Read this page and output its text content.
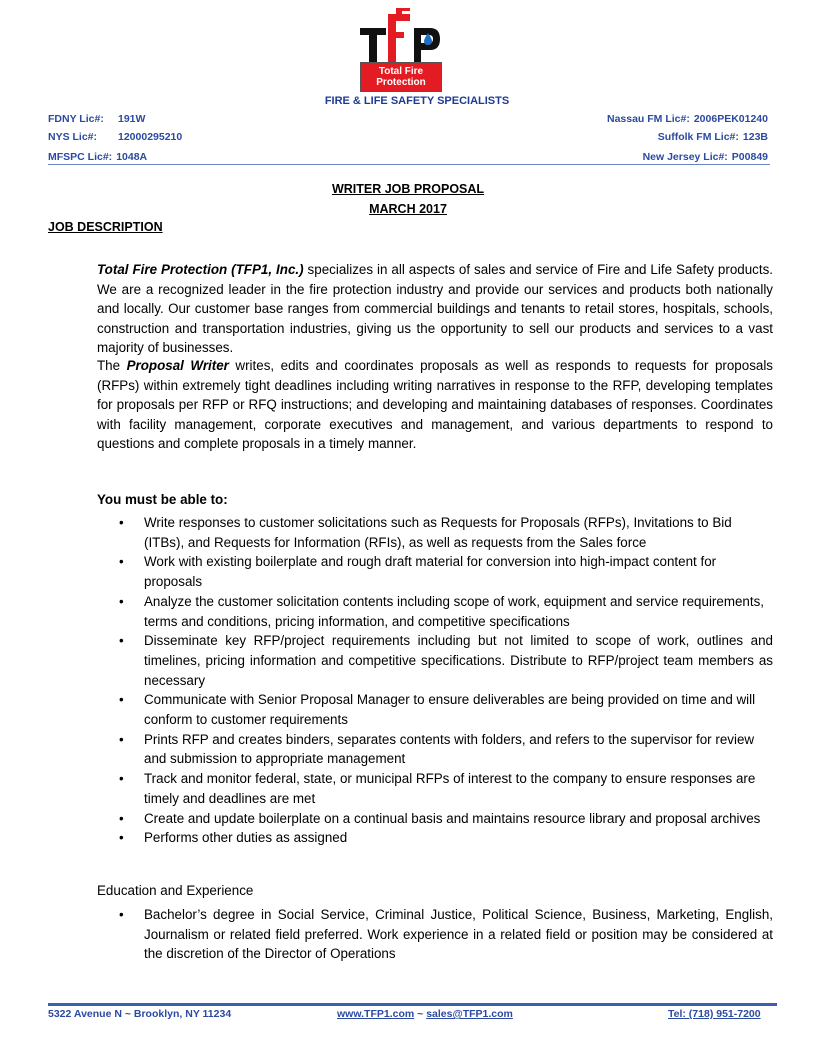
Total Fire
Protection
FIRE & LIFE SAFETY SPECIALISTS
FDNY Lic#: 191W
NYS Lic#: 12000295210
MFSPC Lic#: 1048A
Nassau FM Lic#: 2006PEK01240
Suffolk FM Lic#: 123B
New Jersey Lic#: P00849
WRITER JOB PROPOSAL
MARCH 2017
JOB DESCRIPTION
Total Fire Protection (TFP1, Inc.) specializes in all aspects of sales and service of Fire and Life Safety products. We are a recognized leader in the fire protection industry and provide our services and products both nationally and locally. Our customer base ranges from commercial buildings and tenants to retail stores, hospitals, schools, construction and transportation industries, giving us the opportunity to sell our products and services to a vast majority of businesses.
The Proposal Writer writes, edits and coordinates proposals as well as responds to requests for proposals (RFPs) within extremely tight deadlines including writing narratives in response to the RFP, developing templates for proposals per RFP or RFQ instructions; and developing and maintaining databases of responses. Coordinates with facility management, corporate executives and management, and various departments to respond to questions and complete proposals in a timely manner.
You must be able to:
• Write responses to customer solicitations such as Requests for Proposals (RFPs), Invitations to Bid (ITBs), and Requests for Information (RFIs), as well as requests from the Sales force
• Work with existing boilerplate and rough draft material for conversion into high-impact content for proposals
• Analyze the customer solicitation contents including scope of work, equipment and service requirements, terms and conditions, pricing information, and competitive specifications
• Disseminate key RFP/project requirements including but not limited to scope of work, outlines and timelines, pricing information and competitive specifications. Distribute to RFP/project team members as necessary
• Communicate with Senior Proposal Manager to ensure deliverables are being provided on time and will conform to customer requirements
• Prints RFP and creates binders, separates contents with folders, and refers to the supervisor for review and submission to appropriate management
• Track and monitor federal, state, or municipal RFPs of interest to the company to ensure responses are timely and deadlines are met
• Create and update boilerplate on a continual basis and maintains resource library and proposal archives
• Performs other duties as assigned
Education and Experience
• Bachelor’s degree in Social Service, Criminal Justice, Political Science, Business, Marketing, English, Journalism or related field preferred. Work experience in a related field or position may be considered at the discretion of the Director of Operations
5322 Avenue N ~ Brooklyn, NY 11234	www.TFP1.com ~ sales@TFP1.com	Tel: (718) 951-7200
